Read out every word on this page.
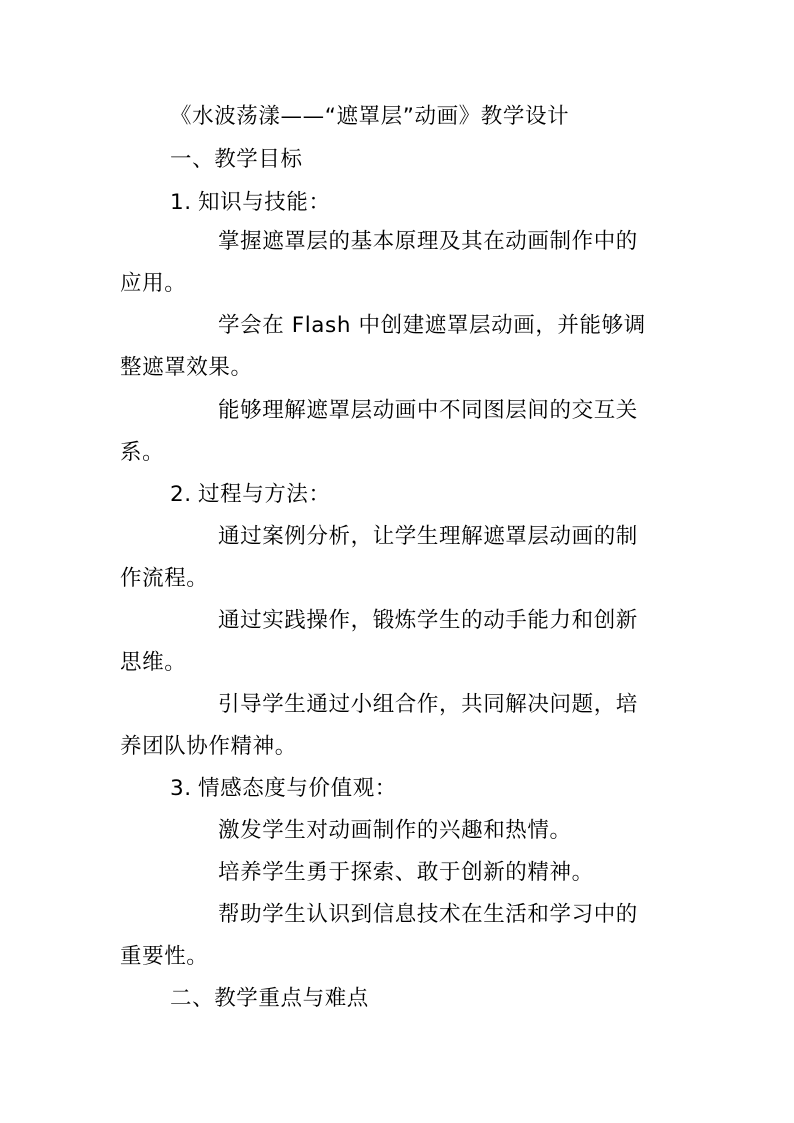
《水波荡漾——“遮罩层”动画》教学设计
一、教学目标
1. 知识与技能：
掌握遮罩层的基本原理及其在动画制作中的
应用。
学会在 Flash 中创建遮罩层动画，并能够调
整遮罩效果。
能够理解遮罩层动画中不同图层间的交互关
系。
2. 过程与方法：
通过案例分析，让学生理解遮罩层动画的制
作流程。
通过实践操作，锻炼学生的动手能力和创新
思维。
引导学生通过小组合作，共同解决问题，培
养团队协作精神。
3. 情感态度与价值观：
激发学生对动画制作的兴趣和热情。
培养学生勇于探索、敢于创新的精神。
帮助学生认识到信息技术在生活和学习中的
重要性。
二、教学重点与难点
